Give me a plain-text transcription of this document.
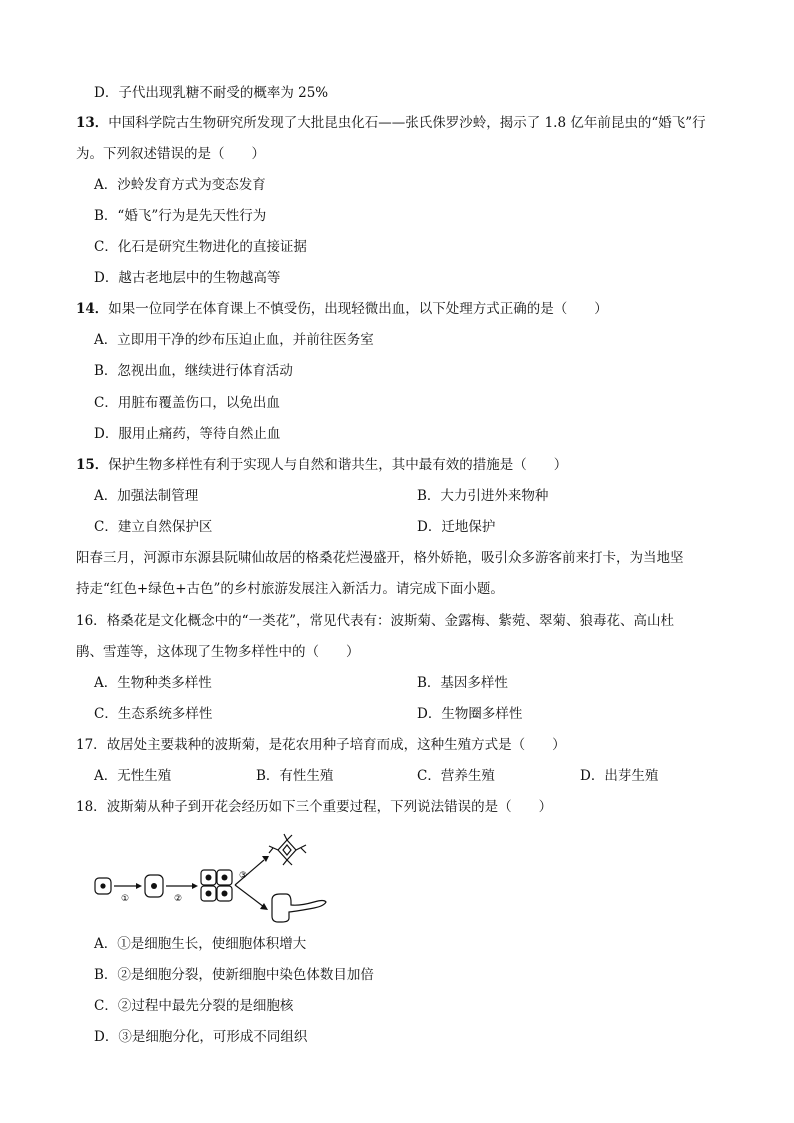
D．子代出现乳糖不耐受的概率为 25%
13．中国科学院古生物研究所发现了大批昆虫化石——张氏侏罗沙蛉，揭示了 1.8 亿年前昆虫的“婚飞”行
为。下列叙述错误的是（　　）
A．沙蛉发育方式为变态发育
B．“婚飞”行为是先天性行为
C．化石是研究生物进化的直接证据
D．越古老地层中的生物越高等
14．如果一位同学在体育课上不慎受伤，出现轻微出血，以下处理方式正确的是（　　）
A．立即用干净的纱布压迫止血，并前往医务室
B．忽视出血，继续进行体育活动
C．用脏布覆盖伤口，以免出血
D．服用止痛药，等待自然止血
15．保护生物多样性有利于实现人与自然和谐共生，其中最有效的措施是（　　）
A．加强法制管理	B．大力引进外来物种
C．建立自然保护区	D．迁地保护
阳春三月，河源市东源县阮啸仙故居的格桑花烂漫盛开，格外娇艳，吸引众多游客前来打卡，为当地坚
持走“红色+绿色+古色”的乡村旅游发展注入新活力。请完成下面小题。
16．格桑花是文化概念中的“一类花”，常见代表有：波斯菊、金露梅、紫菀、翠菊、狼毒花、高山杜
鹃、雪莲等，这体现了生物多样性中的（　　）
A．生物种类多样性	B．基因多样性
C．生态系统多样性	D．生物圈多样性
17．故居处主要栽种的波斯菊，是花农用种子培育而成，这种生殖方式是（　　）
A．无性生殖	B．有性生殖	C．营养生殖	D．出芽生殖
18．波斯菊从种子到开花会经历如下三个重要过程，下列说法错误的是（　　）
①	②
③
A．①是细胞生长，使细胞体积增大
B．②是细胞分裂，使新细胞中染色体数目加倍
C．②过程中最先分裂的是细胞核
D．③是细胞分化，可形成不同组织
